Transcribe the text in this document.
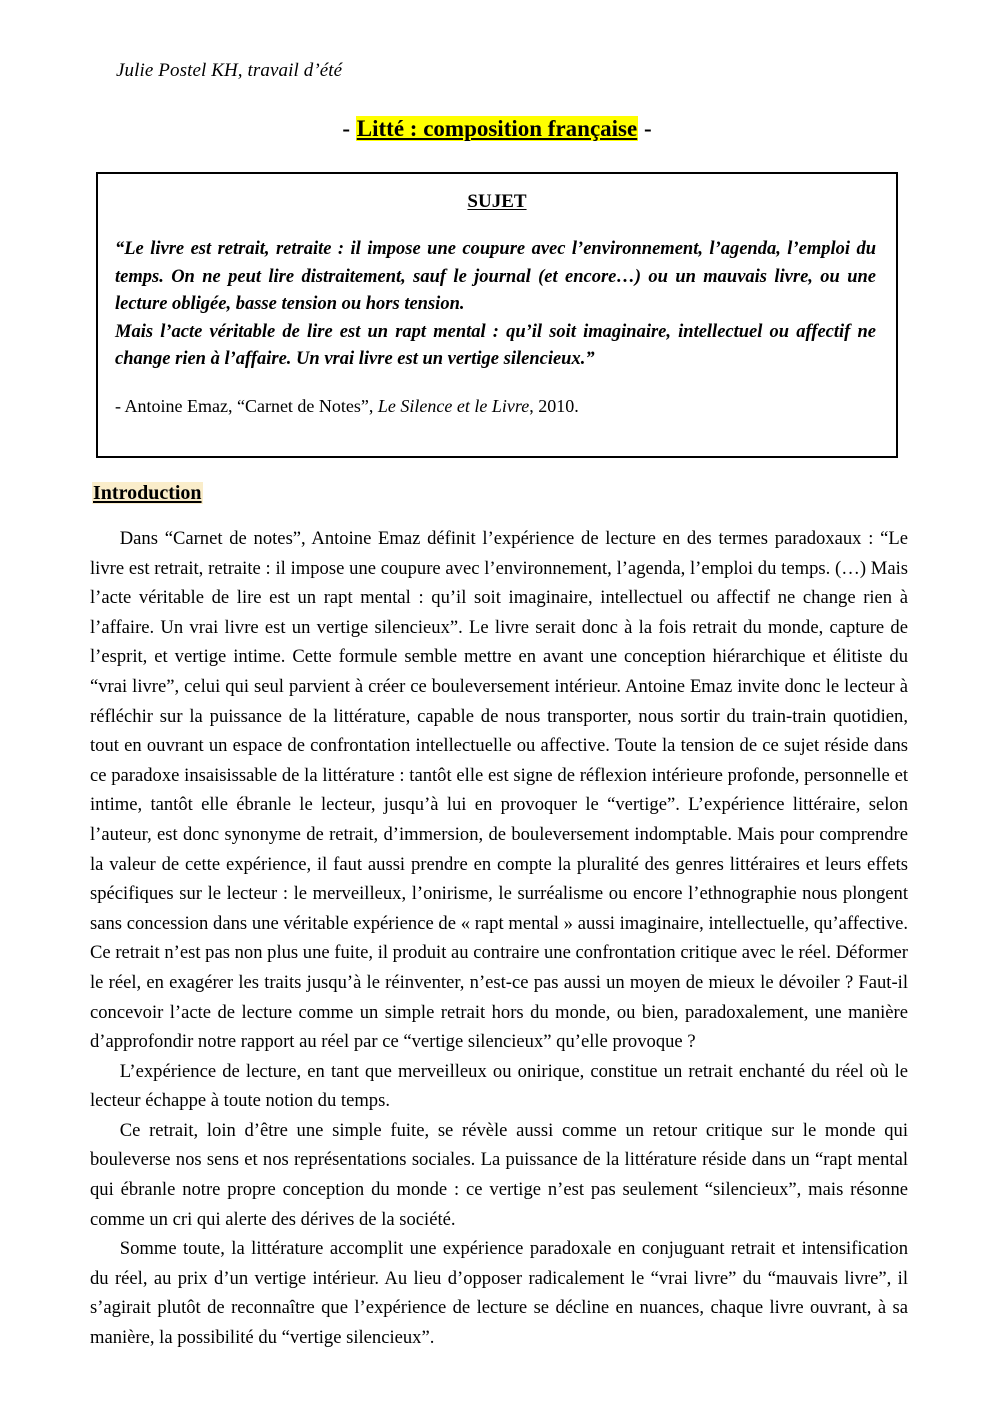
Julie Postel KH, travail d’été
- Litté : composition française -
SUJET

“Le livre est retrait, retraite : il impose une coupure avec l’environnement, l’agenda, l’emploi du temps. On ne peut lire distraitement, sauf le journal (et encore…) ou un mauvais livre, ou une lecture obligée, basse tension ou hors tension.

Mais l’acte véritable de lire est un rapt mental : qu’il soit imaginaire, intellectuel ou affectif ne change rien à l’affaire. Un vrai livre est un vertige silencieux.”

- Antoine Emaz, “Carnet de Notes”, Le Silence et le Livre, 2010.
Introduction

Dans “Carnet de notes”, Antoine Emaz définit l’expérience de lecture en des termes paradoxaux : “Le livre est retrait, retraite : il impose une coupure avec l’environnement, l’agenda, l’emploi du temps. (…) Mais l’acte véritable de lire est un rapt mental : qu’il soit imaginaire, intellectuel ou affectif ne change rien à l’affaire. Un vrai livre est un vertige silencieux”. Le livre serait donc à la fois retrait du monde, capture de l’esprit, et vertige intime. Cette formule semble mettre en avant une conception hiérarchique et élitiste du “vrai livre”, celui qui seul parvient à créer ce bouleversement intérieur. Antoine Emaz invite donc le lecteur à réfléchir sur la puissance de la littérature, capable de nous transporter, nous sortir du train-train quotidien, tout en ouvrant un espace de confrontation intellectuelle ou affective. Toute la tension de ce sujet réside dans ce paradoxe insaisissable de la littérature : tantôt elle est signe de réflexion intérieure profonde, personnelle et intime, tantôt elle ébranle le lecteur, jusqu’à lui en provoquer le “vertige”. L’expérience littéraire, selon l’auteur, est donc synonyme de retrait, d’immersion, de bouleversement indomptable. Mais pour comprendre la valeur de cette expérience, il faut aussi prendre en compte la pluralité des genres littéraires et leurs effets spécifiques sur le lecteur : le merveilleux, l’onirisme, le surréalisme ou encore l’ethnographie nous plongent sans concession dans une véritable expérience de « rapt mental » aussi imaginaire, intellectuelle, qu’affective. Ce retrait n’est pas non plus une fuite, il produit au contraire une confrontation critique avec le réel. Déformer le réel, en exagérer les traits jusqu’à le réinventer, n’est-ce pas aussi un moyen de mieux le dévoiler ? Faut-il concevoir l’acte de lecture comme un simple retrait hors du monde, ou bien, paradoxalement, une manière d’approfondir notre rapport au réel par ce “vertige silencieux” qu’elle provoque ?

L’expérience de lecture, en tant que merveilleux ou onirique, constitue un retrait enchanté du réel où le lecteur échappe à toute notion du temps.

Ce retrait, loin d’être une simple fuite, se révèle aussi comme un retour critique sur le monde qui bouleverse nos sens et nos représentations sociales. La puissance de la littérature réside dans un “rapt mental qui ébranle notre propre conception du monde : ce vertige n’est pas seulement “silencieux”, mais résonne comme un cri qui alerte des dérives de la société.

Somme toute, la littérature accomplit une expérience paradoxale en conjuguant retrait et intensification du réel, au prix d’un vertige intérieur. Au lieu d’opposer radicalement le “vrai livre” du “mauvais livre”, il s’agirait plutôt de reconnaître que l’expérience de lecture se décline en nuances, chaque livre ouvrant, à sa manière, la possibilité du “vertige silencieux”.
